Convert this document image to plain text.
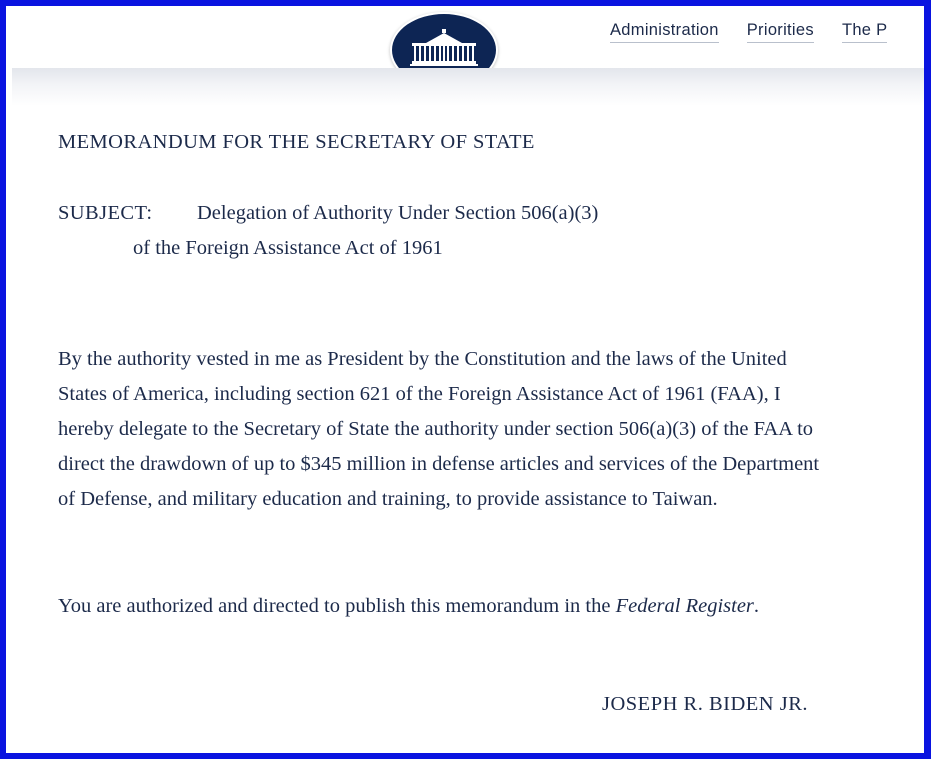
Administration Priorities The P
MEMORANDUM FOR THE SECRETARY OF STATE
SUBJECT: Delegation of Authority Under Section 506(a)(3)
of the Foreign Assistance Act of 1961

By the authority vested in me as President by the Constitution and the laws of the United States of America, including section 621 of the Foreign Assistance Act of 1961 (FAA), I hereby delegate to the Secretary of State the authority under section 506(a)(3) of the FAA to direct the drawdown of up to $345 million in defense articles and services of the Department of Defense, and military education and training, to provide assistance to Taiwan.

You are authorized and directed to publish this memorandum in the Federal Register.

JOSEPH R. BIDEN JR.
